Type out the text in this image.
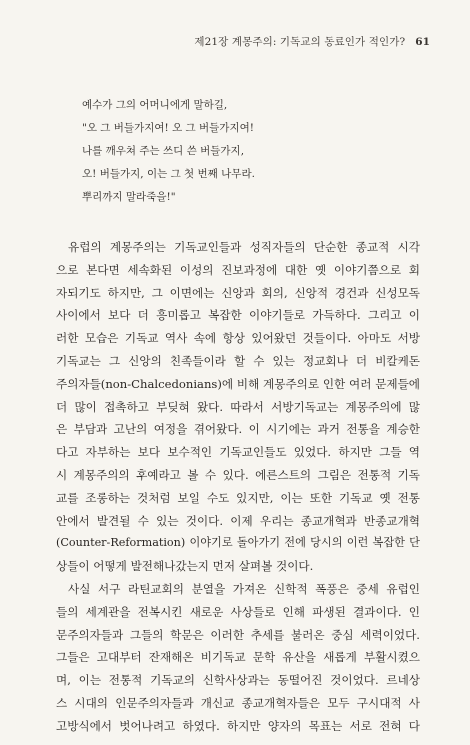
제21장 계몽주의: 기독교의 동료인가 적인가? 61
예수가 그의 어머니에게 말하길,
"오 그 버들가지여! 오 그 버들가지여!
나를 깨우쳐 주는 쓰디 쓴 버들가지,
오! 버들가지, 이는 그 첫 번째 나무라.
뿌리까지 말라죽을!"
유럽의 계몽주의는 기독교인들과 성직자들의 단순한 종교적 시각
으로 본다면 세속화된 이성의 진보과정에 대한 옛 이야기쯤으로 회
자되기도 하지만, 그 이면에는 신앙과 회의, 신앙적 경건과 신성모독
사이에서 보다 더 흥미롭고 복잡한 이야기들로 가득하다. 그리고 이
러한 모습은 기독교 역사 속에 항상 있어왔던 것들이다. 아마도 서방
기독교는 그 신앙의 친족들이라 할 수 있는 정교회나 더 비칼케돈
주의자들(non-Chalcedonians)에 비해 계몽주의로 인한 여러 문제들에
더 많이 접촉하고 부딪혀 왔다. 따라서 서방기독교는 계몽주의에 많
은 부담과 고난의 여정을 겪어왔다. 이 시기에는 과거 전통을 계승한
다고 자부하는 보다 보수적인 기독교인들도 있었다. 하지만 그들 역
시 계몽주의의 후예라고 볼 수 있다. 에른스트의 그림은 전통적 기독
교를 조롱하는 것처럼 보일 수도 있지만, 이는 또한 기독교 옛 전통
안에서 발견될 수 있는 것이다. 이제 우리는 종교개혁과 반종교개혁
(Counter-Reformation) 이야기로 돌아가기 전에 당시의 이런 복잡한 단
상들이 어떻게 발전해나갔는지 먼저 살펴볼 것이다.
사실 서구 라틴교회의 분열을 가져온 신학적 폭풍은 중세 유럽인
들의 세계관을 전복시킨 새로운 사상들로 인해 파생된 결과이다. 인
문주의자들과 그들의 학문은 이러한 추세를 불러온 중심 세력이었다.
그들은 고대부터 잔재해온 비기독교 문학 유산을 새롭게 부활시켰으
며, 이는 전통적 기독교의 신학사상과는 동떨어진 것이었다. 르네상
스 시대의 인문주의자들과 개신교 종교개혁자들은 모두 구시대적 사
고방식에서 벗어나려고 하였다. 하지만 양자의 목표는 서로 전혀 다
